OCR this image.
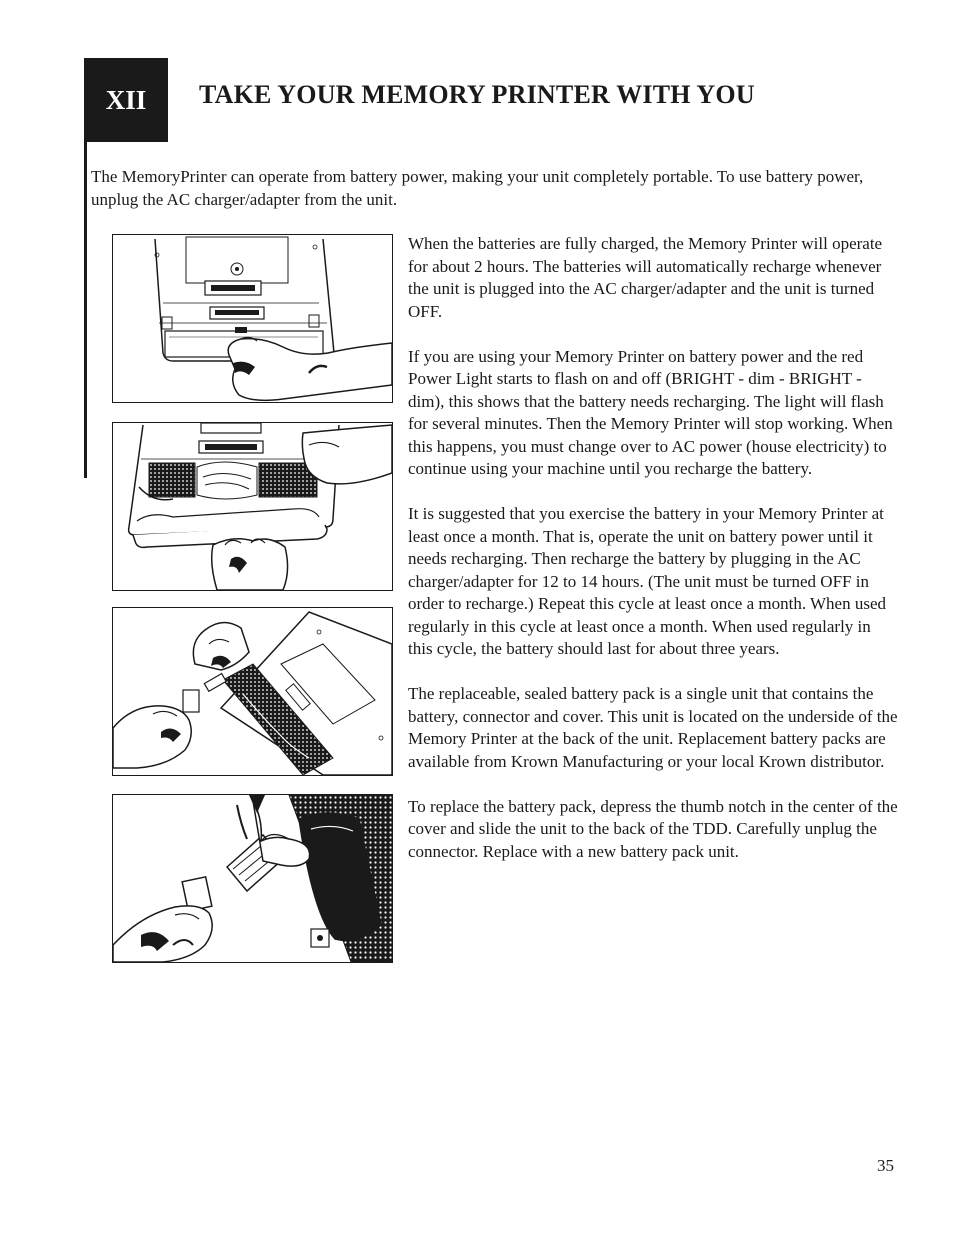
XII TAKE YOUR MEMORY PRINTER WITH YOU

The MemoryPrinter can operate from battery power, making your unit completely portable. To use battery power, unplug the AC charger/adapter from the unit.

When the batteries are fully charged, the Memory Printer will operate for about 2 hours. The batteries will automatically recharge whenever the unit is plugged into the AC charger/adapter and the unit is turned OFF.

If you are using your Memory Printer on battery power and the red Power Light starts to flash on and off (BRIGHT - dim - BRIGHT - dim), this shows that the battery needs recharging. The light will flash for several minutes. Then the Memory Printer will stop working. When this happens, you must change over to AC power (house electricity) to continue using your machine until you recharge the battery.

It is suggested that you exercise the battery in your Memory Printer at least once a month. That is, operate the unit on battery power until it needs recharging. Then recharge the battery by plugging in the AC charger/adapter for 12 to 14 hours. (The unit must be turned OFF in order to recharge.) Repeat this cycle at least once a month. When used regularly in this cycle at least once a month. When used regularly in this cycle, the battery should last for about three years.

The replaceable, sealed battery pack is a single unit that contains the battery, connector and cover. This unit is located on the underside of the Memory Printer at the back of the unit. Replacement battery packs are available from Krown Manufacturing or your local Krown distributor.

To replace the battery pack, depress the thumb notch in the center of the cover and slide the unit to the back of the TDD. Carefully unplug the connector. Replace with a new battery pack unit.

35
